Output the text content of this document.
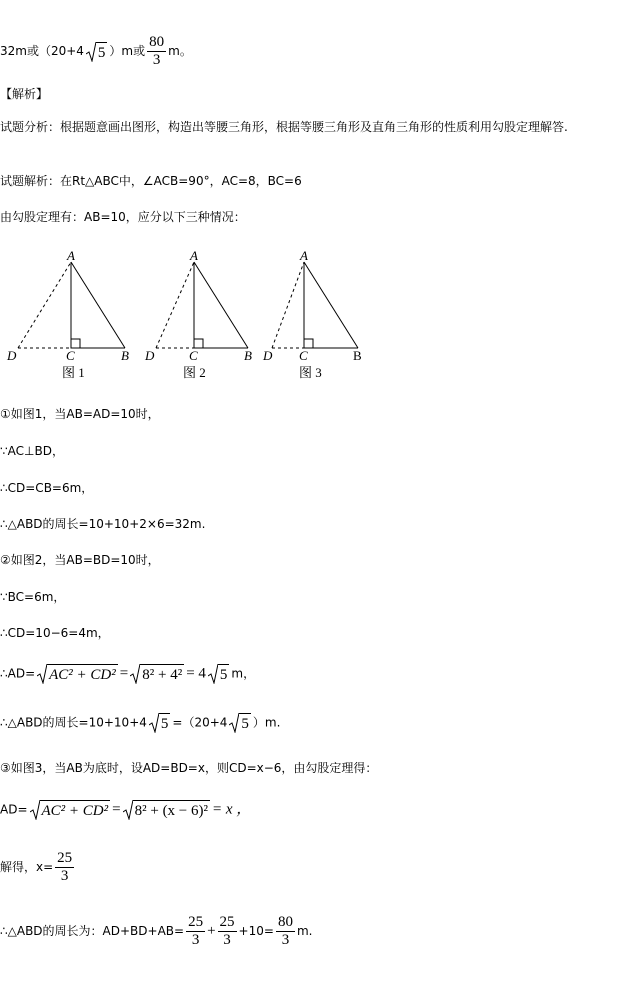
32m或（20+4 5 ）m或 $\frac{80}{3}$ m。
【解析】
试题分析：根据题意画出图形，构造出等腰三角形，根据等腰三角形及直角三角形的性质利用勾股定理解答.
试题解析：在Rt△ABC中，∠ACB=90°，AC=8，BC=6
由勾股定理有：AB=10，应分以下三种情况：
A
D	C	B
图 1
A
D	C	B
图 2
A
D C	B
图 3
①如图1，当AB=AD=10时，
∵AC⊥BD，
∴CD=CB=6m，
∴△ABD的周长=10+10+2×6=32m.
②如图2，当AB=BD=10时，
∵BC=6m，
∴CD=10−6=4m，
∴AD= AC² + CD² = 8² + 4² = 4 5 m，
∴△ABD的周长=10+10+4 5 =（20+4 5 ）m.
③如图3，当AB为底时，设AD=BD=x，则CD=x−6，由勾股定理得：
AD= AC² + CD² = 8² + (x − 6)² = x ，
解得，$x= \frac{25}{3}$
∴△ABD的周长为：$AD+BD+AB= \frac{25}{3} + \frac{25}{3} +10= \frac{80}{3} m$.
